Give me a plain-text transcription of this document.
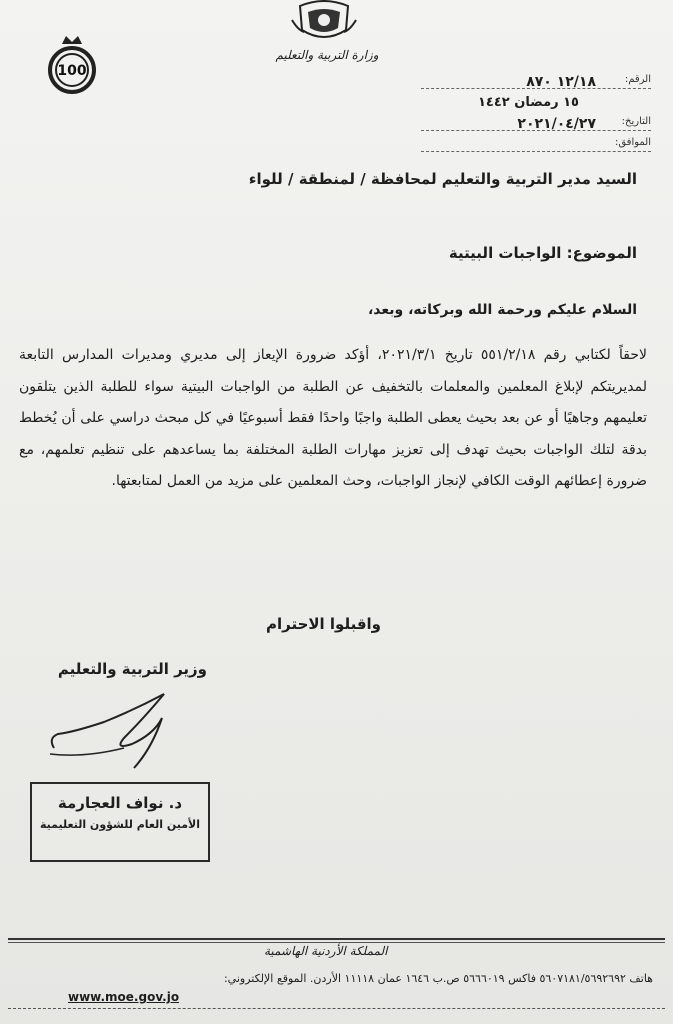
وزارة التربية والتعليم
100
الرقم:
١٢/١٨ ٨٧٠
١٥ رمضان ١٤٤٢
التاريخ:
٢٠٢١/٠٤/٢٧
الموافق:
السيد مدير التربية والتعليم لمحافظة / لمنطقة / للواء
الموضوع: الواجبات البيتية
السلام عليكم ورحمة الله وبركاته، وبعد،
لاحقاً لكتابي رقم ٥٥١/٢/١٨ تاريخ ٢٠٢١/٣/١، أؤكد ضرورة الإيعاز إلى مديري ومديرات المدارس التابعة لمديريتكم لإبلاغ المعلمين والمعلمات بالتخفيف عن الطلبة من الواجبات البيتية سواء للطلبة الذين يتلقون تعليمهم وجاهيًا أو عن بعد بحيث يعطى الطلبة واجبًا واحدًا فقط أسبوعيًا في كل مبحث دراسي على أن يُخطط بدقة لتلك الواجبات بحيث تهدف إلى تعزيز مهارات الطلبة المختلفة بما يساعدهم على تنظيم تعلمهم، مع ضرورة إعطائهم الوقت الكافي لإنجاز الواجبات، وحث المعلمين على مزيد من العمل لمتابعتها.
واقبلوا الاحترام
وزير التربية والتعليم
د. نواف العجارمة
الأمين العام للشؤون التعليمية
المملكة الأردنية الهاشمية
هاتف ٥٦٠٧١٨١/٥٦٩٢٦٩٢ فاكس ٥٦٦٦٠١٩ ص.ب ١٦٤٦ عمان ١١١١٨ الأردن. الموقع الإلكتروني:
www.moe.gov.jo
